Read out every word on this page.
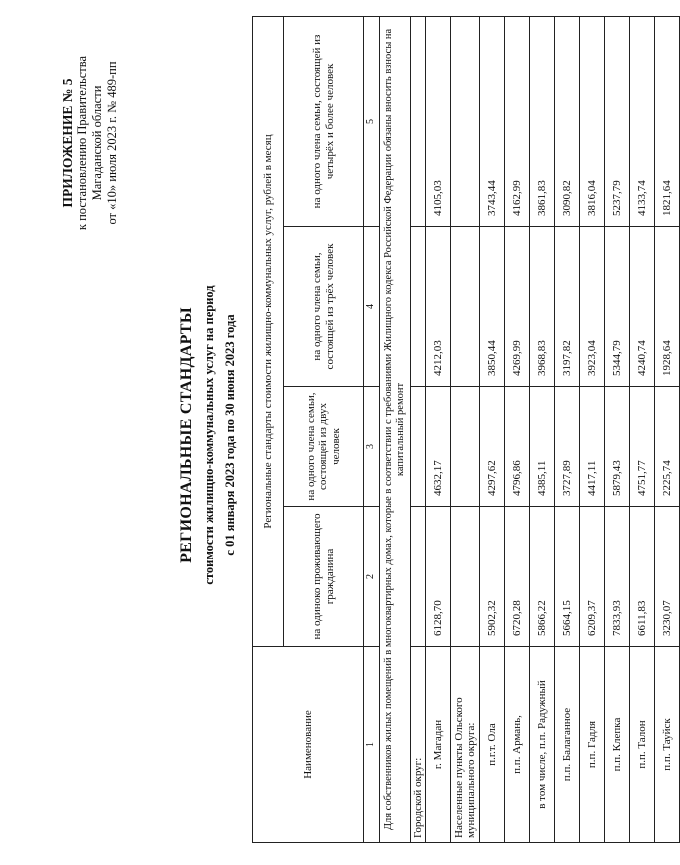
ПРИЛОЖЕНИЕ № 5 к постановлению Правительства Магаданской области от «10» июля 2023 г. № 489-пп
РЕГИОНАЛЬНЫЕ СТАНДАРТЫ стоимости жилищно-коммунальных услуг на период с 01 января 2023 года по 30 июня 2023 года
Наименование	Региональные стандарты стоимости жилищно-коммунальных услуг, рублей в месяц			
	на одиноко проживающего гражданина	на одного члена семьи, состоящей из двух человек	на одного члена семьи, состоящей из трёх человек	на одного члена семьи, состоящей из четырёх и более человек
1	2	3	4	5
Для собственников жилых помещений в многоквартирных домах, которые в соответствии с требованиями Жилищного кодекса Российской Федерации обязаны вносить взносы на капитальный ремонт				
Городской округ:				
г. Магадан	6128,70	4632,17	4212,03	4105,03
Населенные пункты Ольского муниципального округа:				
п.г.т. Ола	5902,32	4297,62	3850,44	3743,44
п.п. Армань,	6720,28	4796,86	4269,99	4162,99
в том числе, п.п. Радужный	5866,22	4385,11	3968,83	3861,83
п.п. Балаганное	5664,15	3727,89	3197,82	3090,82
п.п. Гадля	6209,37	4417,11	3923,04	3816,04
п.п. Клепка	7833,93	5879,43	5344,79	5237,79
п.п. Талон	6611,83	4751,77	4240,74	4133,74
п.п. Тауйск	3230,07	2225,74	1928,64	1821,64
